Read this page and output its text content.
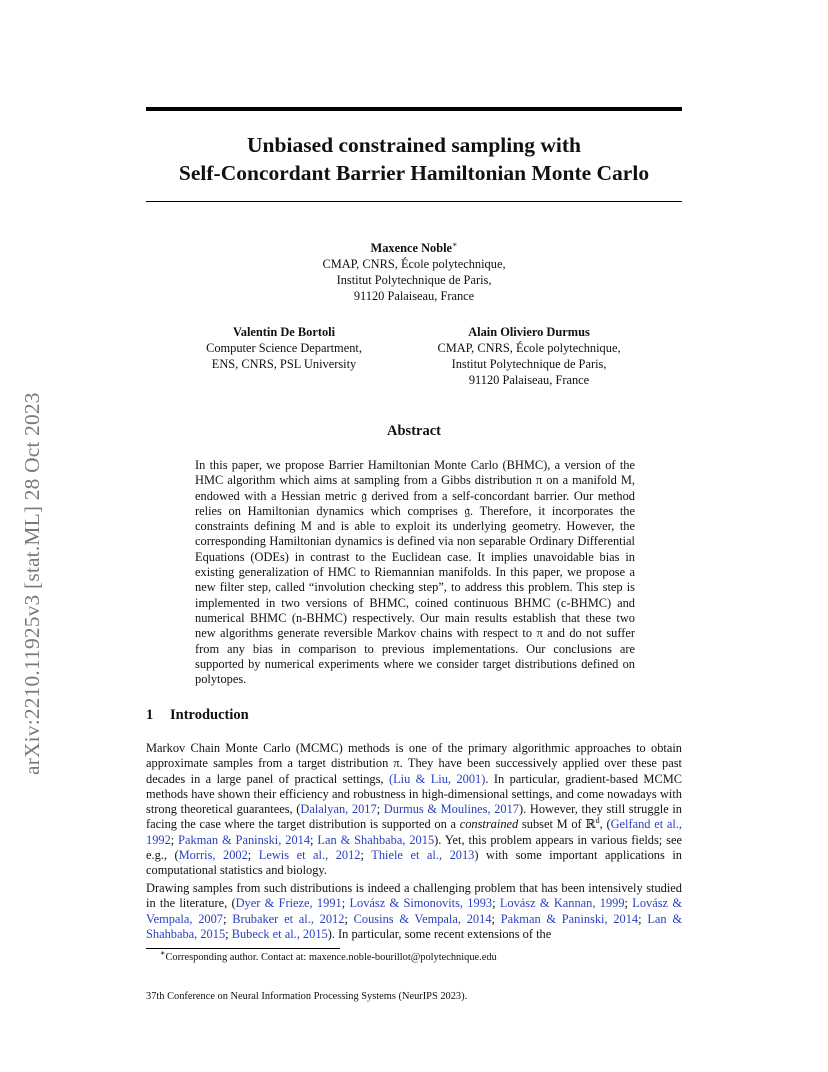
arXiv:2210.11925v3 [stat.ML] 28 Oct 2023
Unbiased constrained sampling with
Self-Concordant Barrier Hamiltonian Monte Carlo
Maxence Noble∗
CMAP, CNRS, École polytechnique,
Institut Polytechnique de Paris,
91120 Palaiseau, France
Valentin De Bortoli
Computer Science Department,
ENS, CNRS, PSL University
Alain Oliviero Durmus
CMAP, CNRS, École polytechnique,
Institut Polytechnique de Paris,
91120 Palaiseau, France
Abstract
In this paper, we propose Barrier Hamiltonian Monte Carlo (BHMC), a version of the HMC algorithm which aims at sampling from a Gibbs distribution π on a manifold M, endowed with a Hessian metric 𝔤 derived from a self-concordant barrier. Our method relies on Hamiltonian dynamics which comprises 𝔤. Therefore, it incorporates the constraints defining M and is able to exploit its underlying geometry. However, the corresponding Hamiltonian dynamics is defined via non separable Ordinary Differential Equations (ODEs) in contrast to the Euclidean case. It implies unavoidable bias in existing generalization of HMC to Riemannian manifolds. In this paper, we propose a new filter step, called “involution checking step”, to address this problem. This step is implemented in two versions of BHMC, coined continuous BHMC (c-BHMC) and numerical BHMC (n-BHMC) respectively. Our main results establish that these two new algorithms generate reversible Markov chains with respect to π and do not suffer from any bias in comparison to previous implementations. Our conclusions are supported by numerical experiments where we consider target distributions defined on polytopes.
1 Introduction
Markov Chain Monte Carlo (MCMC) methods is one of the primary algorithmic approaches to obtain approximate samples from a target distribution π. They have been successively applied over these past decades in a large panel of practical settings, (Liu & Liu, 2001). In particular, gradient-based MCMC methods have shown their efficiency and robustness in high-dimensional settings, and come nowadays with strong theoretical guarantees, (Dalalyan, 2017; Durmus & Moulines, 2017). However, they still struggle in facing the case where the target distribution is supported on a constrained subset M of ℝ$^d$, (Gelfand et al., 1992; Pakman & Paninski, 2014; Lan & Shahbaba, 2015). Yet, this problem appears in various fields; see e.g., (Morris, 2002; Lewis et al., 2012; Thiele et al., 2013) with some important applications in computational statistics and biology.
Drawing samples from such distributions is indeed a challenging problem that has been intensively studied in the literature, (Dyer & Frieze, 1991; Lovász & Simonovits, 1993; Lovász & Kannan, 1999; Lovász & Vempala, 2007; Brubaker et al., 2012; Cousins & Vempala, 2014; Pakman & Paninski, 2014; Lan & Shahbaba, 2015; Bubeck et al., 2015). In particular, some recent extensions of the
∗Corresponding author. Contact at: maxence.noble-bourillot@polytechnique.edu
37th Conference on Neural Information Processing Systems (NeurIPS 2023).
